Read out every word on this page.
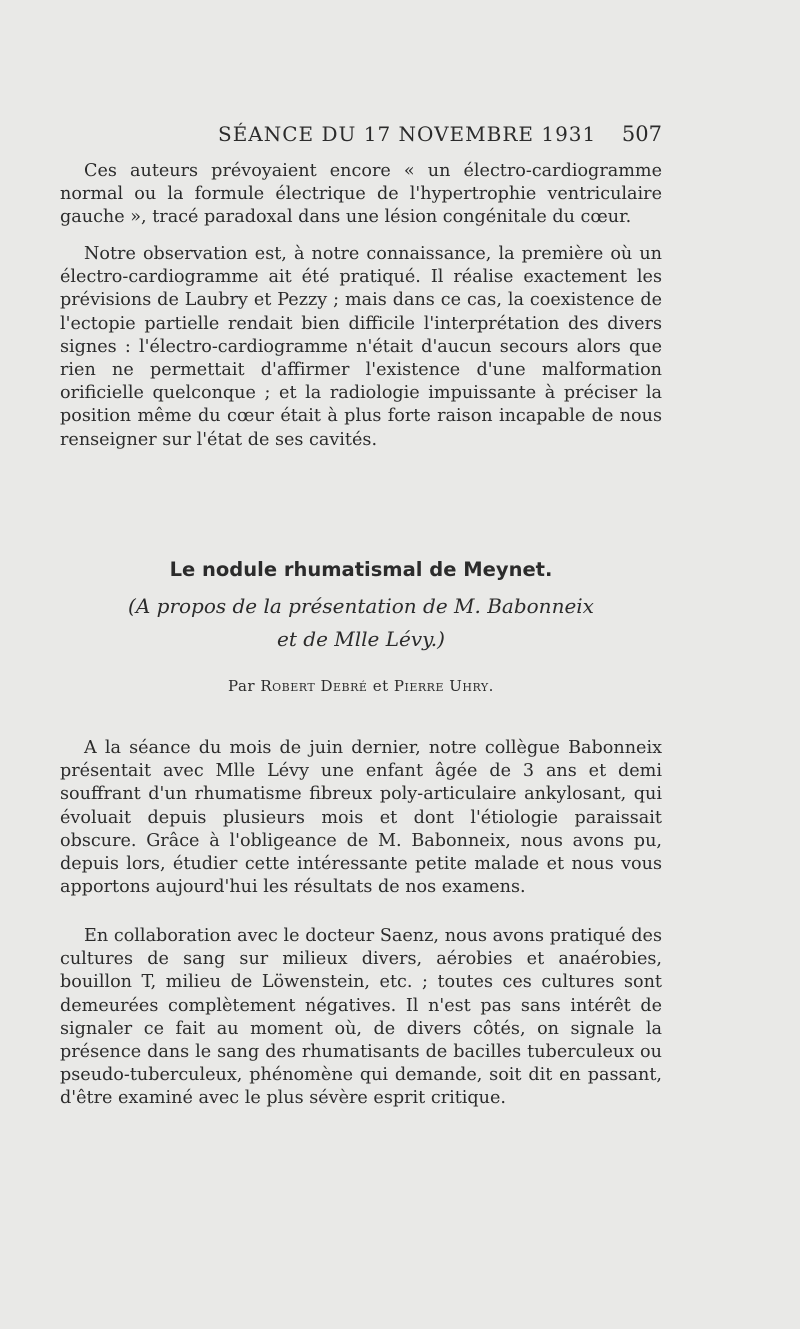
SÉANCE DU 17 NOVEMBRE 1931 507

Ces auteurs prévoyaient encore « un électro-cardiogramme normal ou la formule électrique de l'hypertrophie ventriculaire gauche », tracé paradoxal dans une lésion congénitale du cœur.

Notre observation est, à notre connaissance, la première où un électro-cardiogramme ait été pratiqué. Il réalise exactement les prévisions de Laubry et Pezzy ; mais dans ce cas, la coexistence de l'ectopie partielle rendait bien difficile l'interprétation des divers signes : l'électro-cardiogramme n'était d'aucun secours alors que rien ne permettait d'affirmer l'existence d'une malformation orificielle quelconque ; et la radiologie impuissante à préciser la position même du cœur était à plus forte raison incapable de nous renseigner sur l'état de ses cavités.

Le nodule rhumatismal de Meynet.
(A propos de la présentation de M. Babonneix
et de Mlle Lévy.)
Par Robert Debré et Pierre Uhry.

A la séance du mois de juin dernier, notre collègue Babonneix présentait avec Mlle Lévy une enfant âgée de 3 ans et demi souffrant d'un rhumatisme fibreux poly-articulaire ankylosant, qui évoluait depuis plusieurs mois et dont l'étiologie paraissait obscure. Grâce à l'obligeance de M. Babonneix, nous avons pu, depuis lors, étudier cette intéressante petite malade et nous vous apportons aujourd'hui les résultats de nos examens.

En collaboration avec le docteur Saenz, nous avons pratiqué des cultures de sang sur milieux divers, aérobies et anaérobies, bouillon T, milieu de Löwenstein, etc. ; toutes ces cultures sont demeurées complètement négatives. Il n'est pas sans intérêt de signaler ce fait au moment où, de divers côtés, on signale la présence dans le sang des rhumatisants de bacilles tuberculeux ou pseudo-tuberculeux, phénomène qui demande, soit dit en passant, d'être examiné avec le plus sévère esprit critique.
